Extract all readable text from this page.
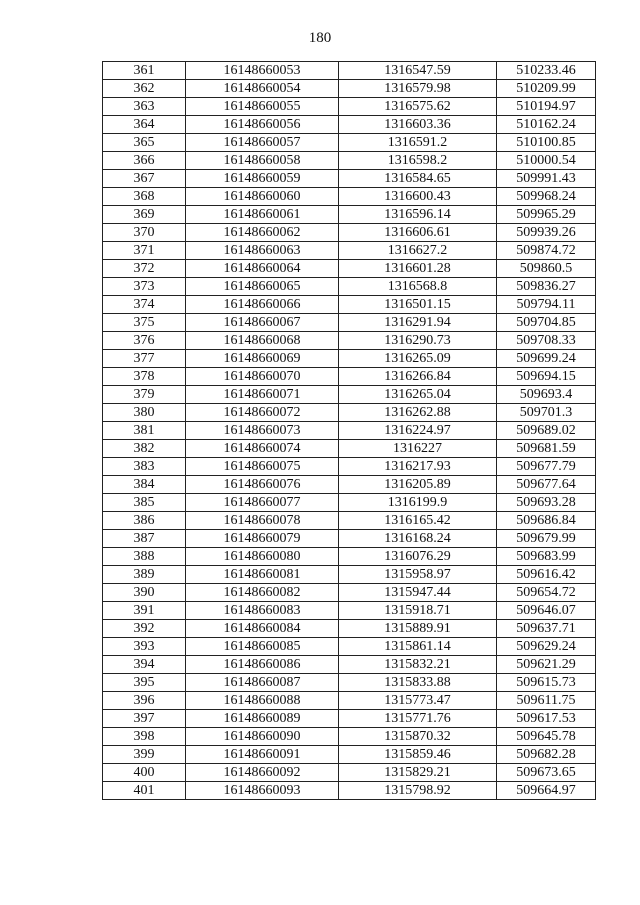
180
361	16148660053	1316547.59	510233.46
362	16148660054	1316579.98	510209.99
363	16148660055	1316575.62	510194.97
364	16148660056	1316603.36	510162.24
365	16148660057	1316591.2	510100.85
366	16148660058	1316598.2	510000.54
367	16148660059	1316584.65	509991.43
368	16148660060	1316600.43	509968.24
369	16148660061	1316596.14	509965.29
370	16148660062	1316606.61	509939.26
371	16148660063	1316627.2	509874.72
372	16148660064	1316601.28	509860.5
373	16148660065	1316568.8	509836.27
374	16148660066	1316501.15	509794.11
375	16148660067	1316291.94	509704.85
376	16148660068	1316290.73	509708.33
377	16148660069	1316265.09	509699.24
378	16148660070	1316266.84	509694.15
379	16148660071	1316265.04	509693.4
380	16148660072	1316262.88	509701.3
381	16148660073	1316224.97	509689.02
382	16148660074	1316227	509681.59
383	16148660075	1316217.93	509677.79
384	16148660076	1316205.89	509677.64
385	16148660077	1316199.9	509693.28
386	16148660078	1316165.42	509686.84
387	16148660079	1316168.24	509679.99
388	16148660080	1316076.29	509683.99
389	16148660081	1315958.97	509616.42
390	16148660082	1315947.44	509654.72
391	16148660083	1315918.71	509646.07
392	16148660084	1315889.91	509637.71
393	16148660085	1315861.14	509629.24
394	16148660086	1315832.21	509621.29
395	16148660087	1315833.88	509615.73
396	16148660088	1315773.47	509611.75
397	16148660089	1315771.76	509617.53
398	16148660090	1315870.32	509645.78
399	16148660091	1315859.46	509682.28
400	16148660092	1315829.21	509673.65
401	16148660093	1315798.92	509664.97
